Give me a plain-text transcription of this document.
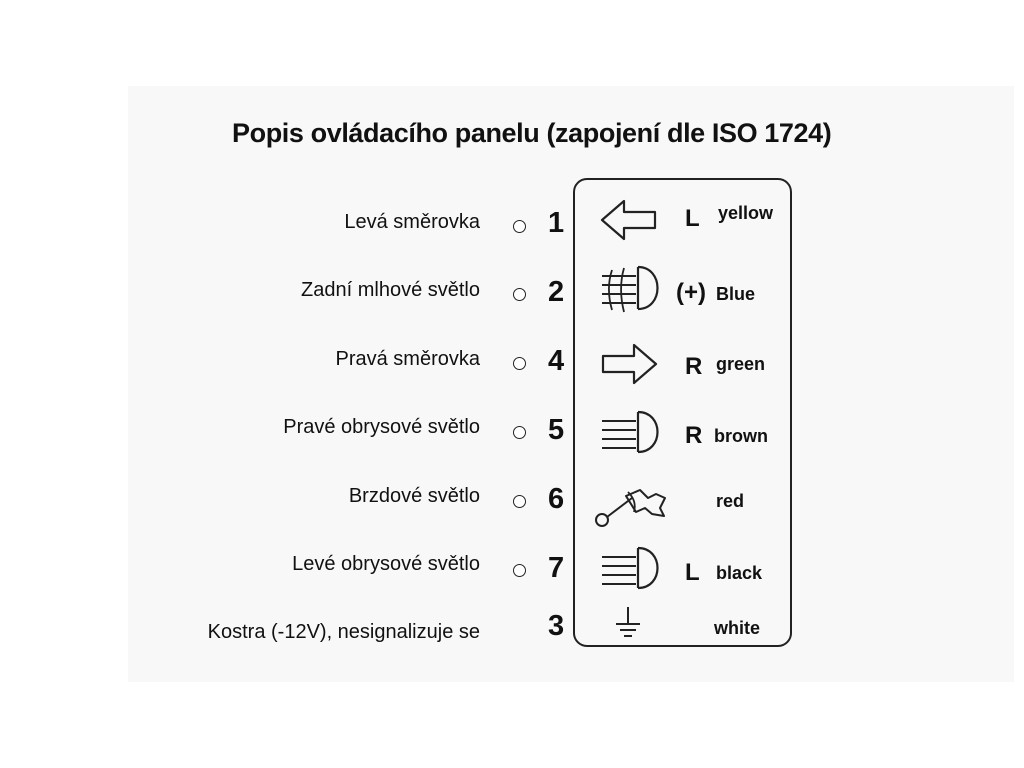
Popis ovládacího panelu (zapojení dle ISO 1724)
Levá směrovka
Zadní mlhové světlo
Pravá směrovka
Pravé obrysové světlo
Brzdové světlo
Levé obrysové světlo
Kostra (-12V), nesignalizuje se
1
2
4
5
6
7
3
L
(+)
R
R
L
yellow
Blue
green
brown
red
black
white
